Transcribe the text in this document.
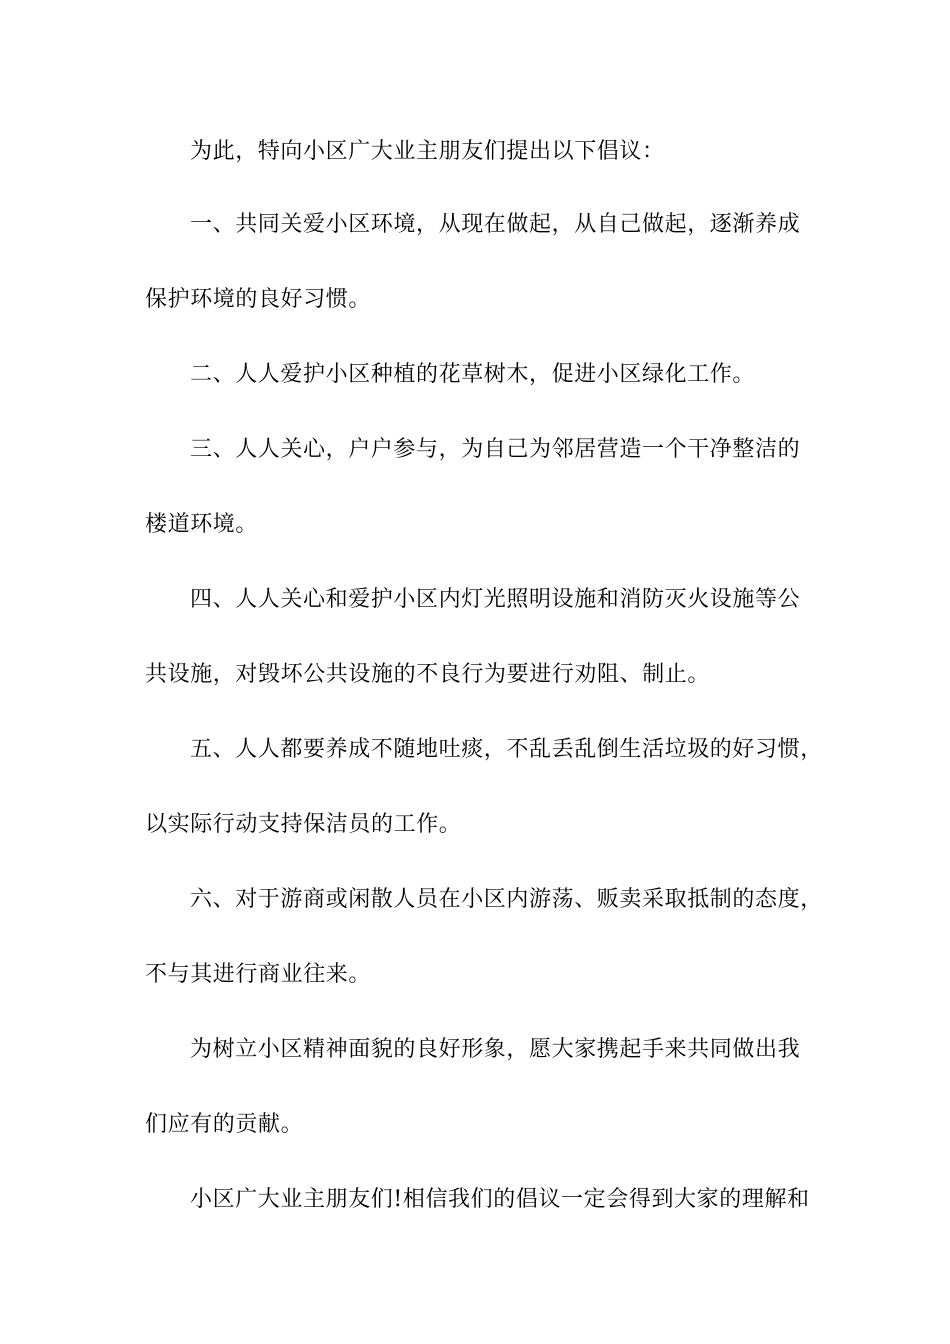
为此，特向小区广大业主朋友们提出以下倡议：
一、共同关爱小区环境，从现在做起，从自己做起，逐渐养成
保护环境的良好习惯。
二、人人爱护小区种植的花草树木，促进小区绿化工作。
三、人人关心，户户参与，为自己为邻居营造一个干净整洁的
楼道环境。
四、人人关心和爱护小区内灯光照明设施和消防灭火设施等公
共设施，对毁坏公共设施的不良行为要进行劝阻、制止。
五、人人都要养成不随地吐痰，不乱丢乱倒生活垃圾的好习惯，
以实际行动支持保洁员的工作。
六、对于游商或闲散人员在小区内游荡、贩卖采取抵制的态度，
不与其进行商业往来。
为树立小区精神面貌的良好形象，愿大家携起手来共同做出我
们应有的贡献。
小区广大业主朋友们!相信我们的倡议一定会得到大家的理解和
